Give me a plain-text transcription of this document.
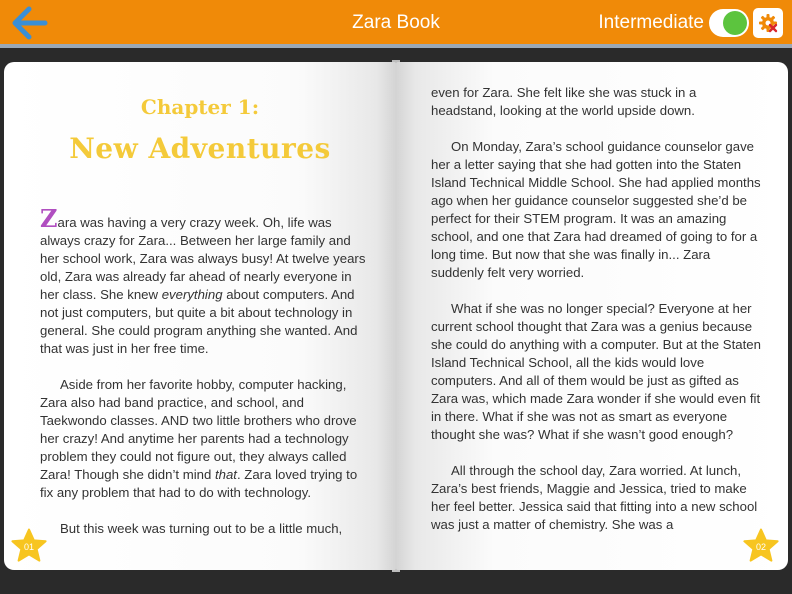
Zara Book	Intermediate
Chapter 1:
New Adventures

Zara was having a very crazy week. Oh, life was always crazy for Zara... Between her large family and her school work, Zara was always busy! At twelve years old, Zara was already far ahead of nearly everyone in her class. She knew everything about computers. And not just computers, but quite a bit about technology in general. She could program anything she wanted. And that was just in her free time.

Aside from her favorite hobby, computer hacking, Zara also had band practice, and school, and Taekwondo classes. AND two little brothers who drove her crazy! And anytime her parents had a technology problem they could not figure out, they always called Zara! Though she didn’t mind that. Zara loved trying to fix any problem that had to do with technology.

But this week was turning out to be a little much,

01

even for Zara. She felt like she was stuck in a headstand, looking at the world upside down.

On Monday, Zara’s school guidance counselor gave her a letter saying that she had gotten into the Staten Island Technical Middle School. She had applied months ago when her guidance counselor suggested she’d be perfect for their STEM program. It was an amazing school, and one that Zara had dreamed of going to for a long time. But now that she was finally in... Zara suddenly felt very worried.

What if she was no longer special? Everyone at her current school thought that Zara was a genius because she could do anything with a computer. But at the Staten Island Technical School, all the kids would love computers. And all of them would be just as gifted as Zara was, which made Zara wonder if she would even fit in there. What if she was not as smart as everyone thought she was? What if she wasn’t good enough?

All through the school day, Zara worried. At lunch, Zara’s best friends, Maggie and Jessica, tried to make her feel better. Jessica said that fitting into a new school was just a matter of chemistry. She was a

02
